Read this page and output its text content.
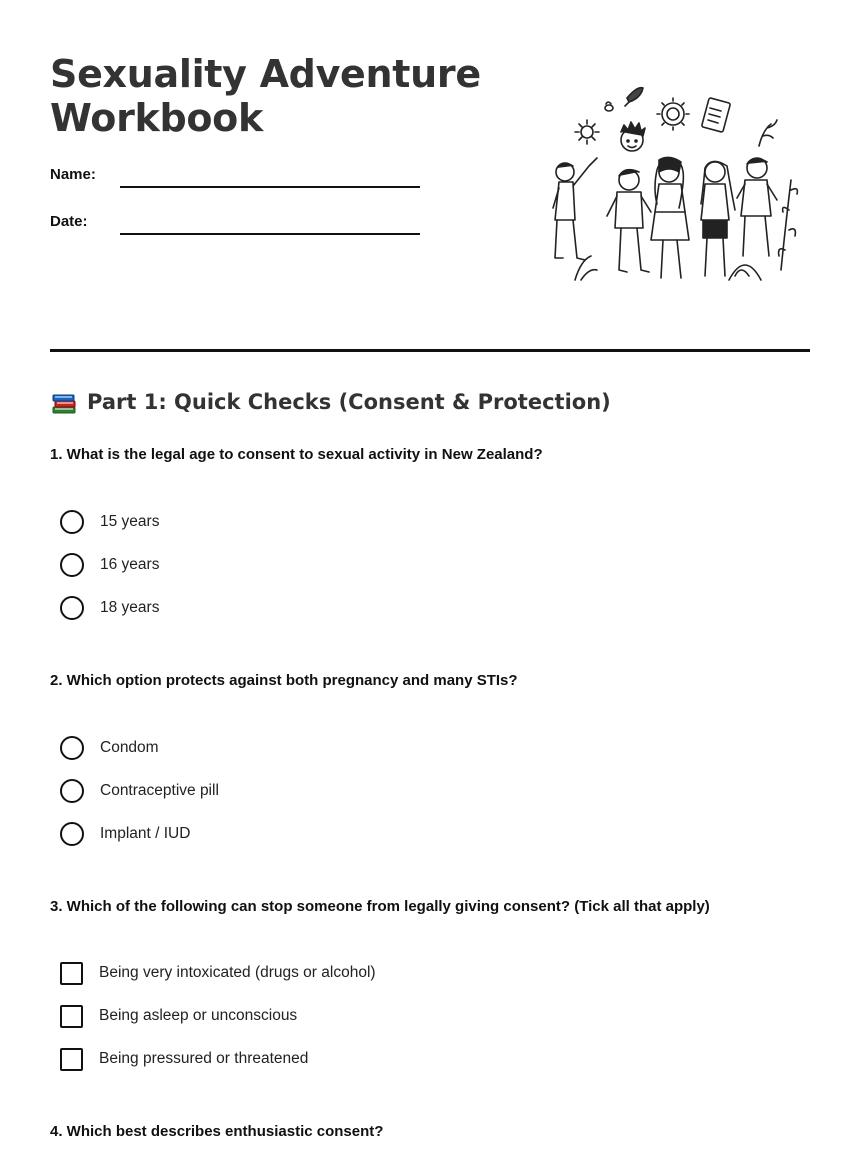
Sexuality Adventure
Workbook
Name:
Date:
Part 1: Quick Checks (Consent & Protection)

1. What is the legal age to consent to sexual activity in New Zealand?

15 years
16 years
18 years

2. Which option protects against both pregnancy and many STIs?

Condom
Contraceptive pill
Implant / IUD

3. Which of the following can stop someone from legally giving consent? (Tick all that apply)

Being very intoxicated (drugs or alcohol)
Being asleep or unconscious
Being pressured or threatened

4. Which best describes enthusiastic consent?
